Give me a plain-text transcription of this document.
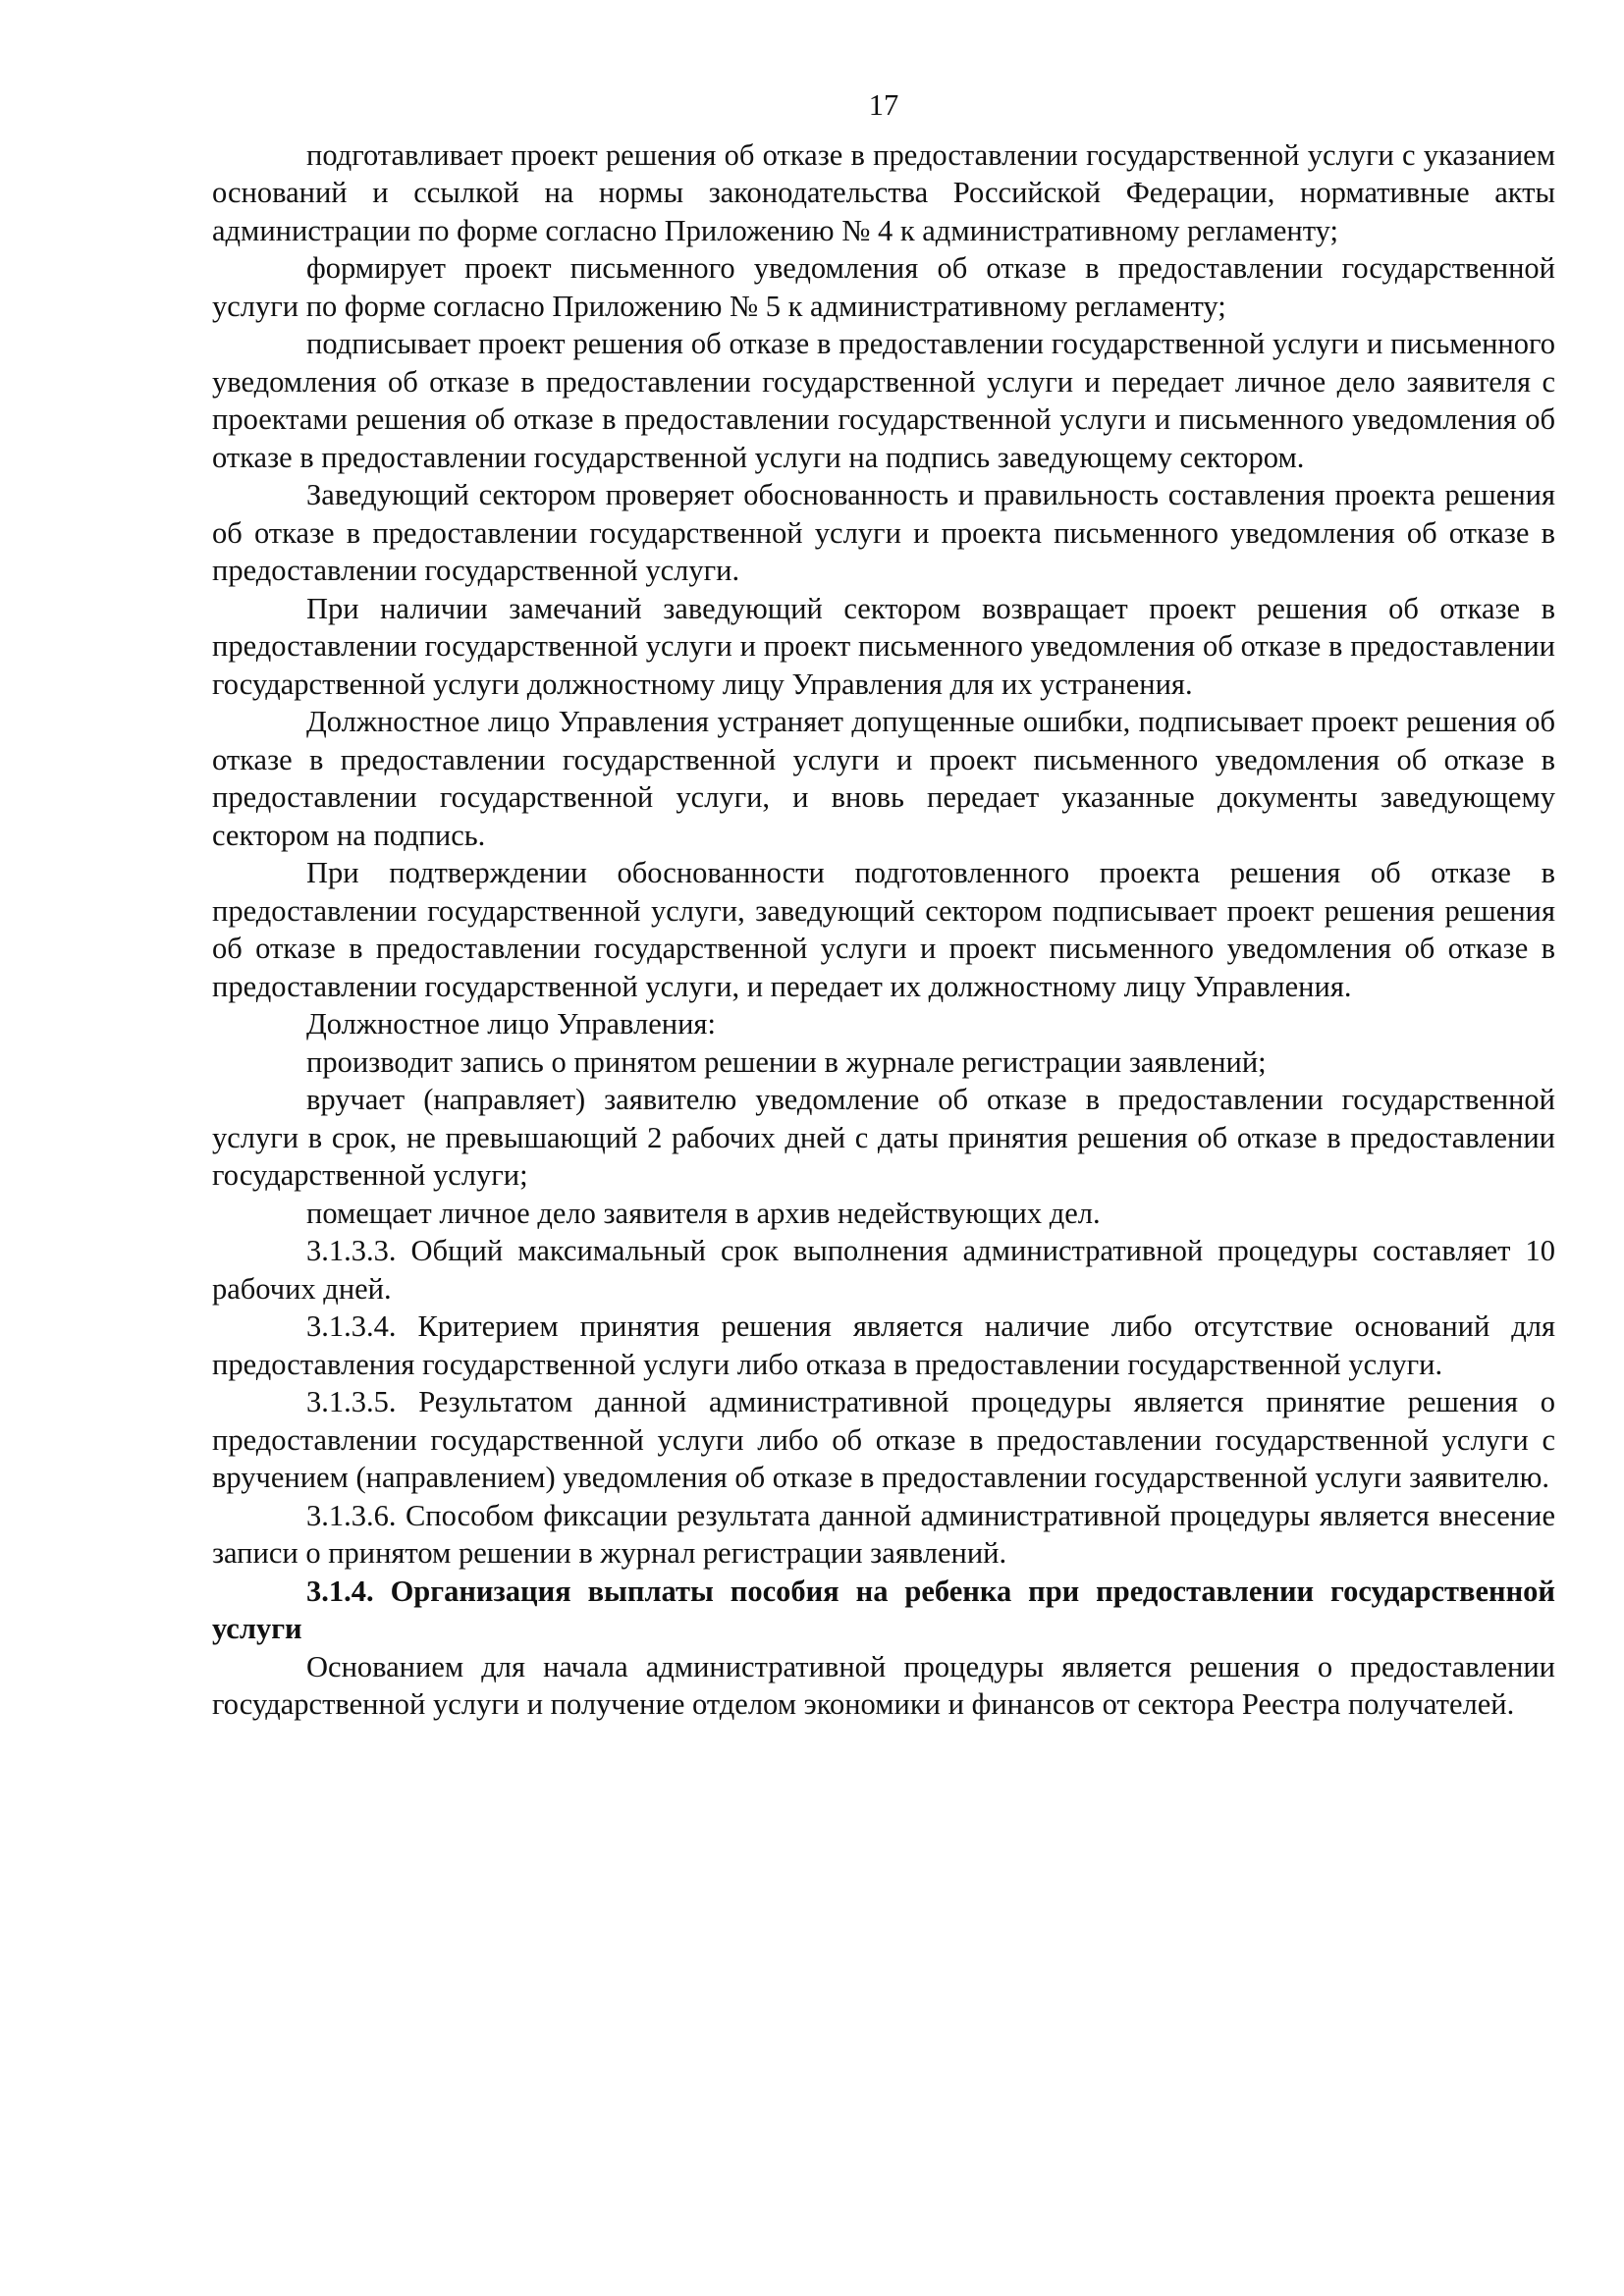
17

подготавливает проект решения об отказе в предоставлении государственной услуги с указанием оснований и ссылкой на нормы законодательства Российской Федерации, нормативные акты администрации по форме согласно Приложению № 4 к административному регламенту;

формирует проект письменного уведомления об отказе в предоставлении государственной услуги по форме согласно Приложению № 5 к административному регламенту;

подписывает проект решения об отказе в предоставлении государственной услуги и письменного уведомления об отказе в предоставлении государственной услуги и передает личное дело заявителя с проектами решения об отказе в предоставлении государственной услуги и письменного уведомления об отказе в предоставлении государственной услуги на подпись заведующему сектором.

Заведующий сектором проверяет обоснованность и правильность составления проекта решения об отказе в предоставлении государственной услуги и проекта письменного уведомления об отказе в предоставлении государственной услуги.

При наличии замечаний заведующий сектором возвращает проект решения об отказе в предоставлении государственной услуги и проект письменного уведомления об отказе в предоставлении государственной услуги должностному лицу Управления для их устранения.

Должностное лицо Управления устраняет допущенные ошибки, подписывает проект решения об отказе в предоставлении государственной услуги и проект письменного уведомления об отказе в предоставлении государственной услуги, и вновь передает указанные документы заведующему сектором на подпись.

При подтверждении обоснованности подготовленного проекта решения об отказе в предоставлении государственной услуги, заведующий сектором подписывает проект решения решения об отказе в предоставлении государственной услуги и проект письменного уведомления об отказе в предоставлении государственной услуги, и передает их должностному лицу Управления.

Должностное лицо Управления:

производит запись о принятом решении в журнале регистрации заявлений;

вручает (направляет) заявителю уведомление об отказе в предоставлении государственной услуги в срок, не превышающий 2 рабочих дней с даты принятия решения об отказе в предоставлении государственной услуги;

помещает личное дело заявителя в архив недействующих дел.

3.1.3.3. Общий максимальный срок выполнения административной процедуры составляет 10 рабочих дней.

3.1.3.4. Критерием принятия решения является наличие либо отсутствие оснований для предоставления государственной услуги либо отказа в предоставлении государственной услуги.

3.1.3.5. Результатом данной административной процедуры является принятие решения о предоставлении государственной услуги либо об отказе в предоставлении государственной услуги с вручением (направлением) уведомления об отказе в предоставлении государственной услуги заявителю.

3.1.3.6. Способом фиксации результата данной административной процедуры является внесение записи о принятом решении в журнал регистрации заявлений.

3.1.4. Организация выплаты пособия на ребенка при предоставлении государственной услуги

Основанием для начала административной процедуры является решения о предоставлении государственной услуги и получение отделом экономики и финансов от сектора Реестра получателей.
